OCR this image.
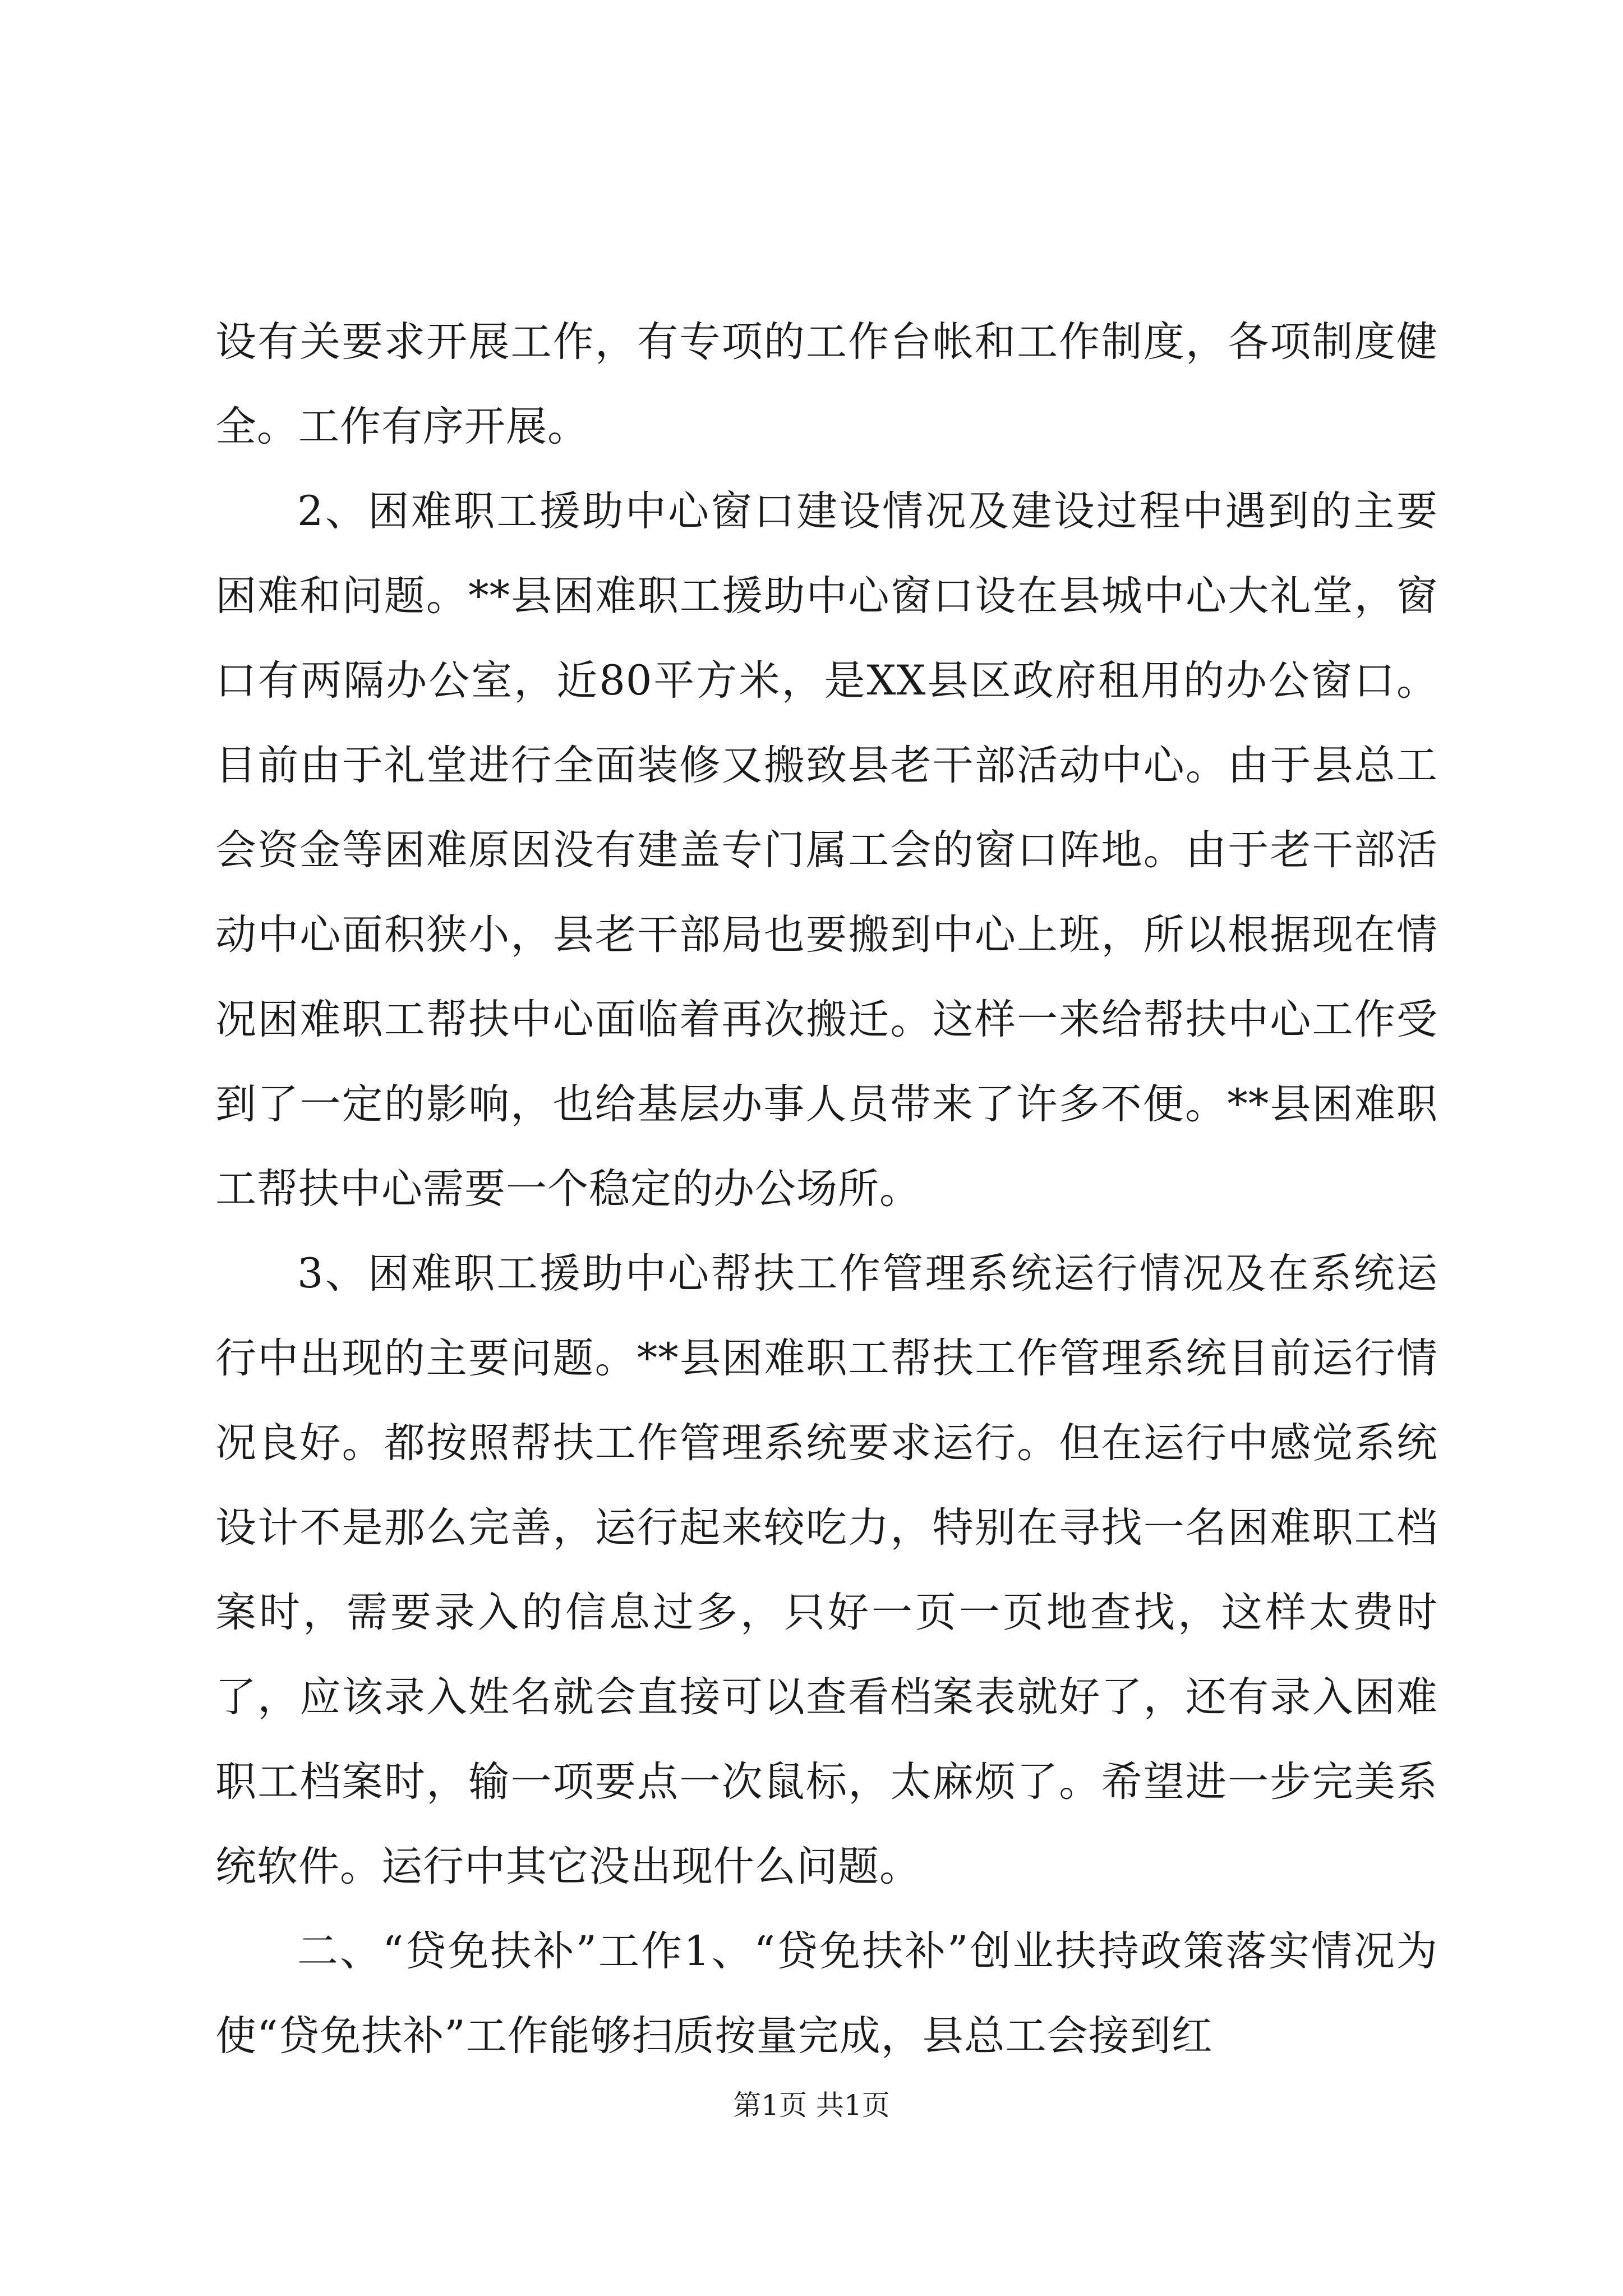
设有关要求开展工作，有专项的工作台帐和工作制度，各项制度健全。工作有序开展。

2、困难职工援助中心窗口建设情况及建设过程中遇到的主要困难和问题。**县困难职工援助中心窗口设在县城中心大礼堂，窗口有两隔办公室，近80平方米，是XX县区政府租用的办公窗口。目前由于礼堂进行全面装修又搬致县老干部活动中心。由于县总工会资金等困难原因没有建盖专门属工会的窗口阵地。由于老干部活动中心面积狭小，县老干部局也要搬到中心上班，所以根据现在情况困难职工帮扶中心面临着再次搬迁。这样一来给帮扶中心工作受到了一定的影响，也给基层办事人员带来了许多不便。**县困难职工帮扶中心需要一个稳定的办公场所。

3、困难职工援助中心帮扶工作管理系统运行情况及在系统运行中出现的主要问题。**县困难职工帮扶工作管理系统目前运行情况良好。都按照帮扶工作管理系统要求运行。但在运行中感觉系统设计不是那么完善，运行起来较吃力，特别在寻找一名困难职工档案时，需要录入的信息过多，只好一页一页地查找，这样太费时了，应该录入姓名就会直接可以查看档案表就好了，还有录入困难职工档案时，输一项要点一次鼠标，太麻烦了。希望进一步完美系统软件。运行中其它没出现什么问题。

二、“贷免扶补”工作1、“贷免扶补”创业扶持政策落实情况为使“贷免扶补”工作能够扫质按量完成，县总工会接到红

第1页 共1页
